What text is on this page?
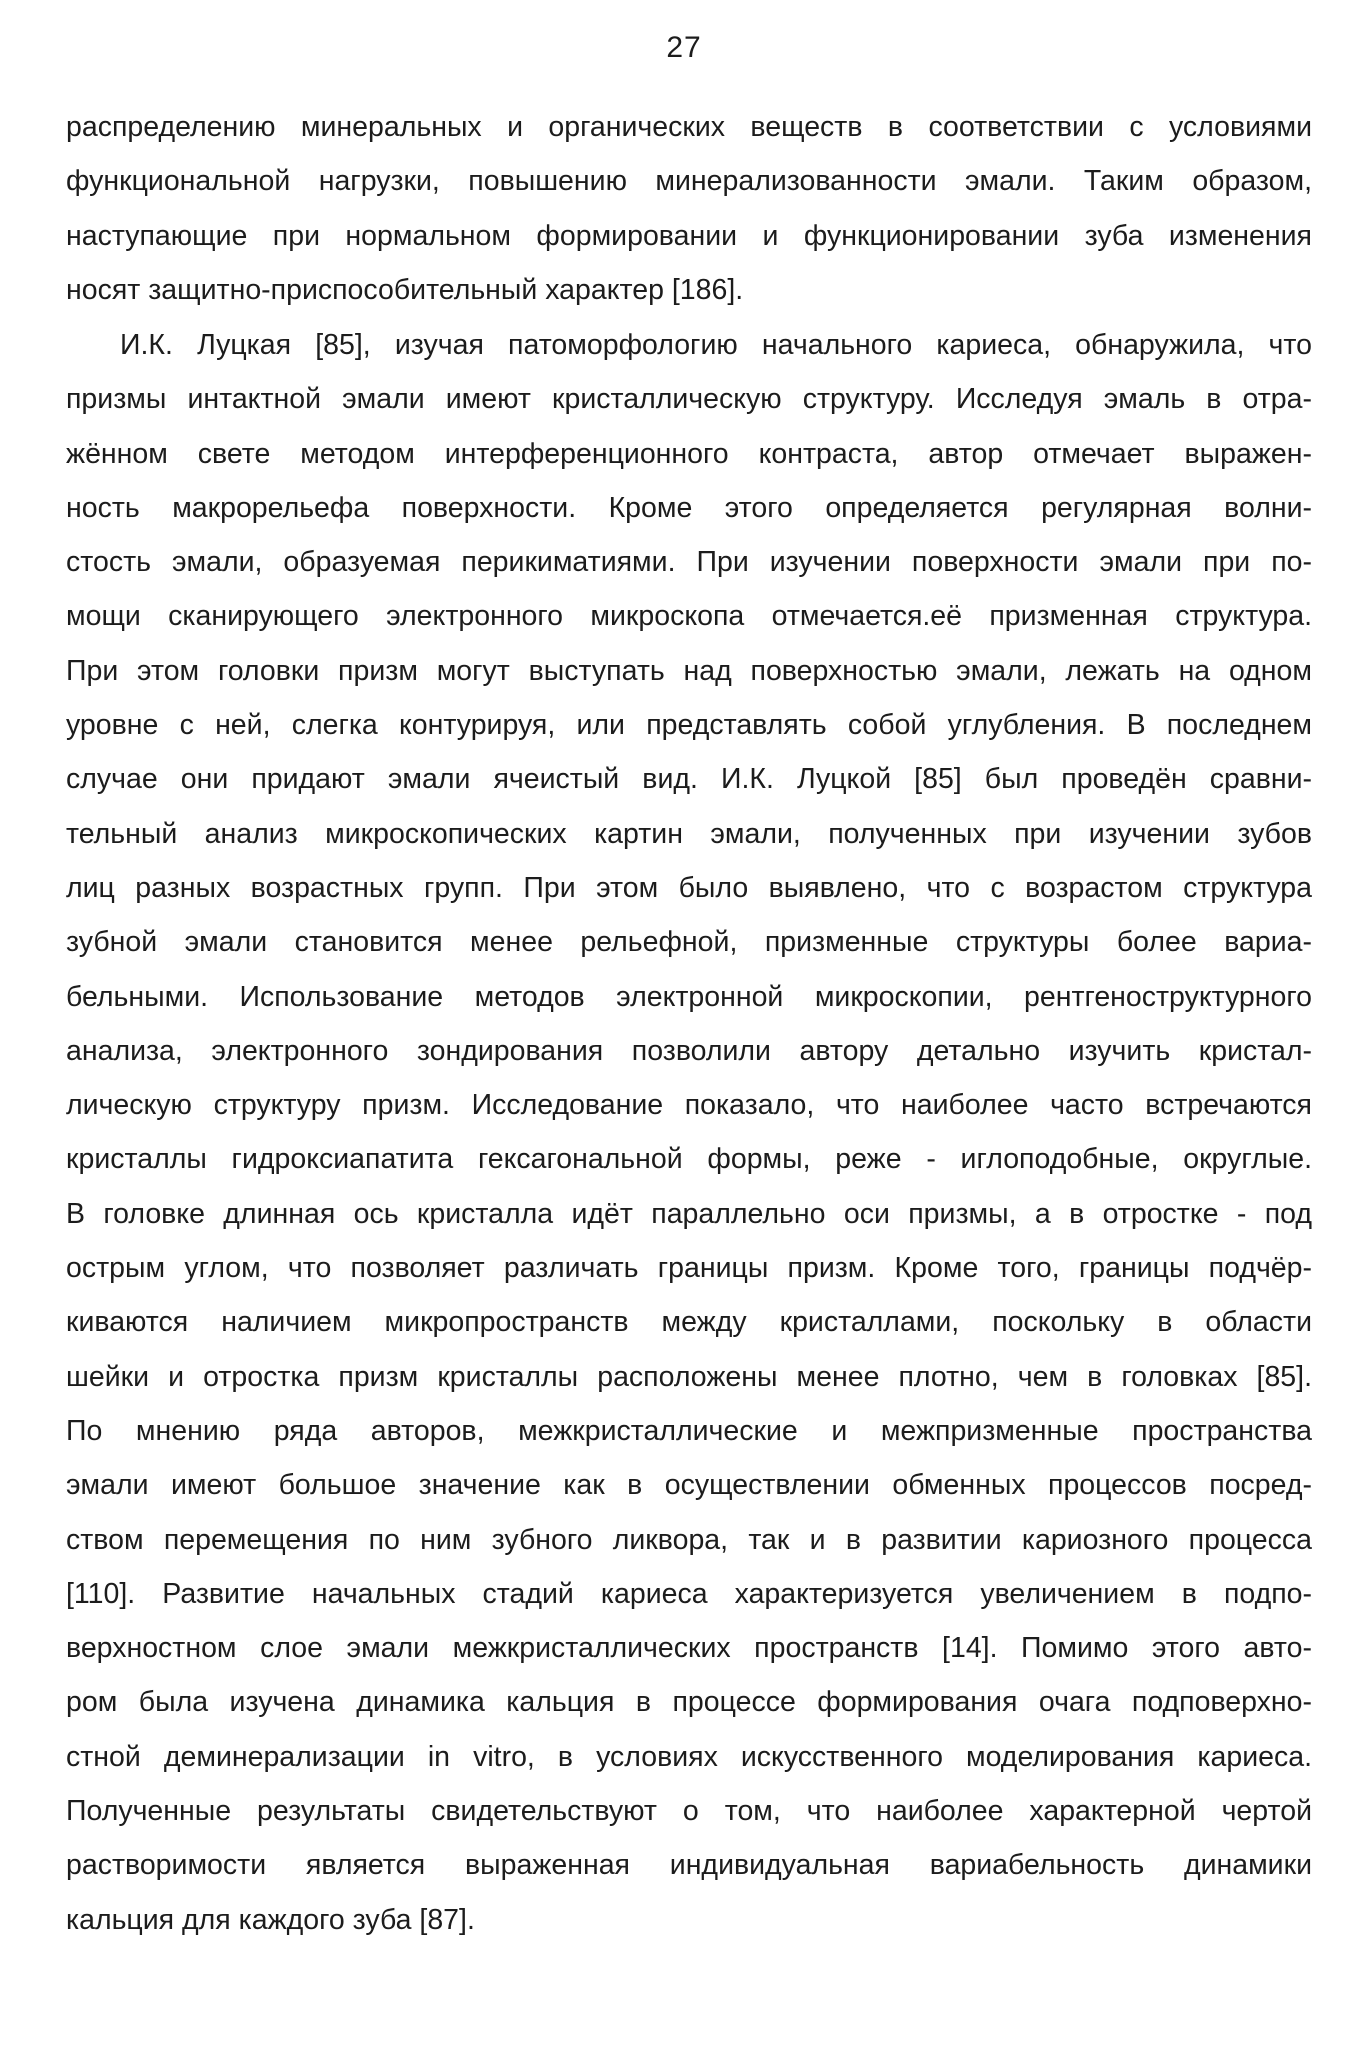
27
распределению минеральных и органических веществ в соответствии с условиями
функциональной нагрузки, повышению минерализованности эмали. Таким образом,
наступающие при нормальном формировании и функционировании зуба изменения
носят защитно-приспособительный характер [186].
И.К. Луцкая [85], изучая патоморфологию начального кариеса, обнаружила, что
призмы интактной эмали имеют кристаллическую структуру. Исследуя эмаль в отра-
жённом свете методом интерференционного контраста, автор отмечает выражен-
ность макрорельефа поверхности. Кроме этого определяется регулярная волни-
стость эмали, образуемая перикиматиями. При изучении поверхности эмали при по-
мощи сканирующего электронного микроскопа отмечается.её призменная структура.
При этом головки призм могут выступать над поверхностью эмали, лежать на одном
уровне с ней, слегка контурируя, или представлять собой углубления. В последнем
случае они придают эмали ячеистый вид. И.К. Луцкой [85] был проведён сравни-
тельный анализ микроскопических картин эмали, полученных при изучении зубов
лиц разных возрастных групп. При этом было выявлено, что с возрастом структура
зубной эмали становится менее рельефной, призменные структуры более вариа-
бельными. Использование методов электронной микроскопии, рентгеноструктурного
анализа, электронного зондирования позволили автору детально изучить кристал-
лическую структуру призм. Исследование показало, что наиболее часто встречаются
кристаллы гидроксиапатита гексагональной формы, реже - иглоподобные, округлые.
В головке длинная ось кристалла идёт параллельно оси призмы, а в отростке - под
острым углом, что позволяет различать границы призм. Кроме того, границы подчёр-
киваются наличием микропространств между кристаллами, поскольку в области
шейки и отростка призм кристаллы расположены менее плотно, чем в головках [85].
По мнению ряда авторов, межкристаллические и межпризменные пространства
эмали имеют большое значение как в осуществлении обменных процессов посред-
ством перемещения по ним зубного ликвора, так и в развитии кариозного процесса
[110]. Развитие начальных стадий кариеса характеризуется увеличением в подпо-
верхностном слое эмали межкристаллических пространств [14]. Помимо этого авто-
ром была изучена динамика кальция в процессе формирования очага подповерхно-
стной деминерализации in vitro, в условиях искусственного моделирования кариеса.
Полученные результаты свидетельствуют о том, что наиболее характерной чертой
растворимости является выраженная индивидуальная вариабельность динамики
кальция для каждого зуба [87].
